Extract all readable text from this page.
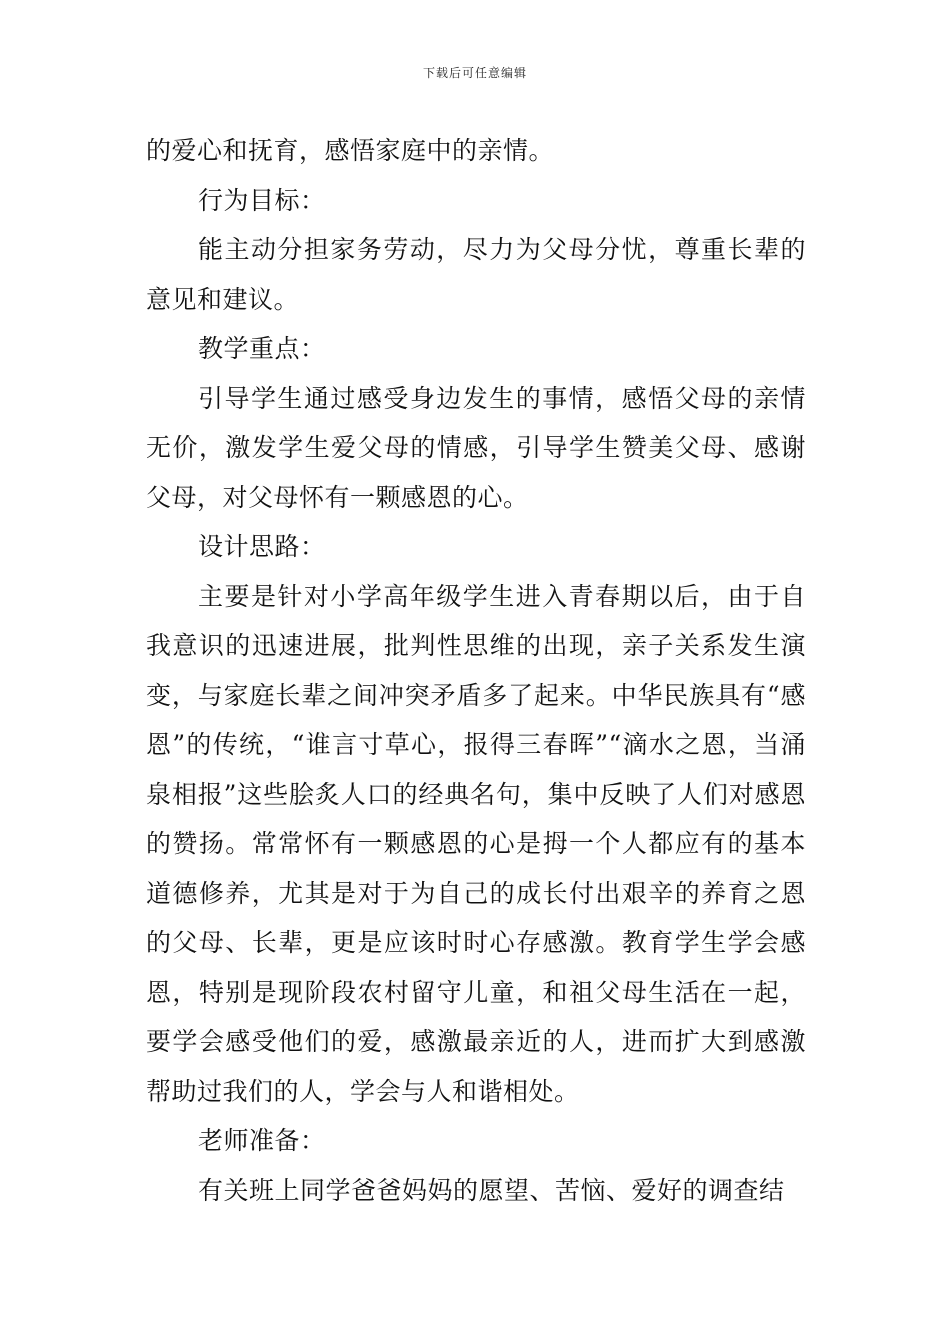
下载后可任意编辑

的爱心和抚育，感悟家庭中的亲情。

行为目标：

能主动分担家务劳动，尽力为父母分忧，尊重长辈的意见和建议。

教学重点：

引导学生通过感受身边发生的事情，感悟父母的亲情无价，激发学生爱父母的情感，引导学生赞美父母、感谢父母，对父母怀有一颗感恩的心。

设计思路：

主要是针对小学高年级学生进入青春期以后，由于自我意识的迅速进展，批判性思维的出现，亲子关系发生演变，与家庭长辈之间冲突矛盾多了起来。中华民族具有“感恩”的传统，“谁言寸草心，报得三春晖”“滴水之恩，当涌泉相报”这些脍炙人口的经典名句，集中反映了人们对感恩的赞扬。常常怀有一颗感恩的心是拇一个人都应有的基本道德修养，尤其是对于为自己的成长付出艰辛的养育之恩的父母、长辈，更是应该时时心存感激。教育学生学会感恩，特别是现阶段农村留守儿童，和祖父母生活在一起，要学会感受他们的爱，感激最亲近的人，进而扩大到感激帮助过我们的人，学会与人和谐相处。

老师准备：

有关班上同学爸爸妈妈的愿望、苦恼、爱好的调查结
